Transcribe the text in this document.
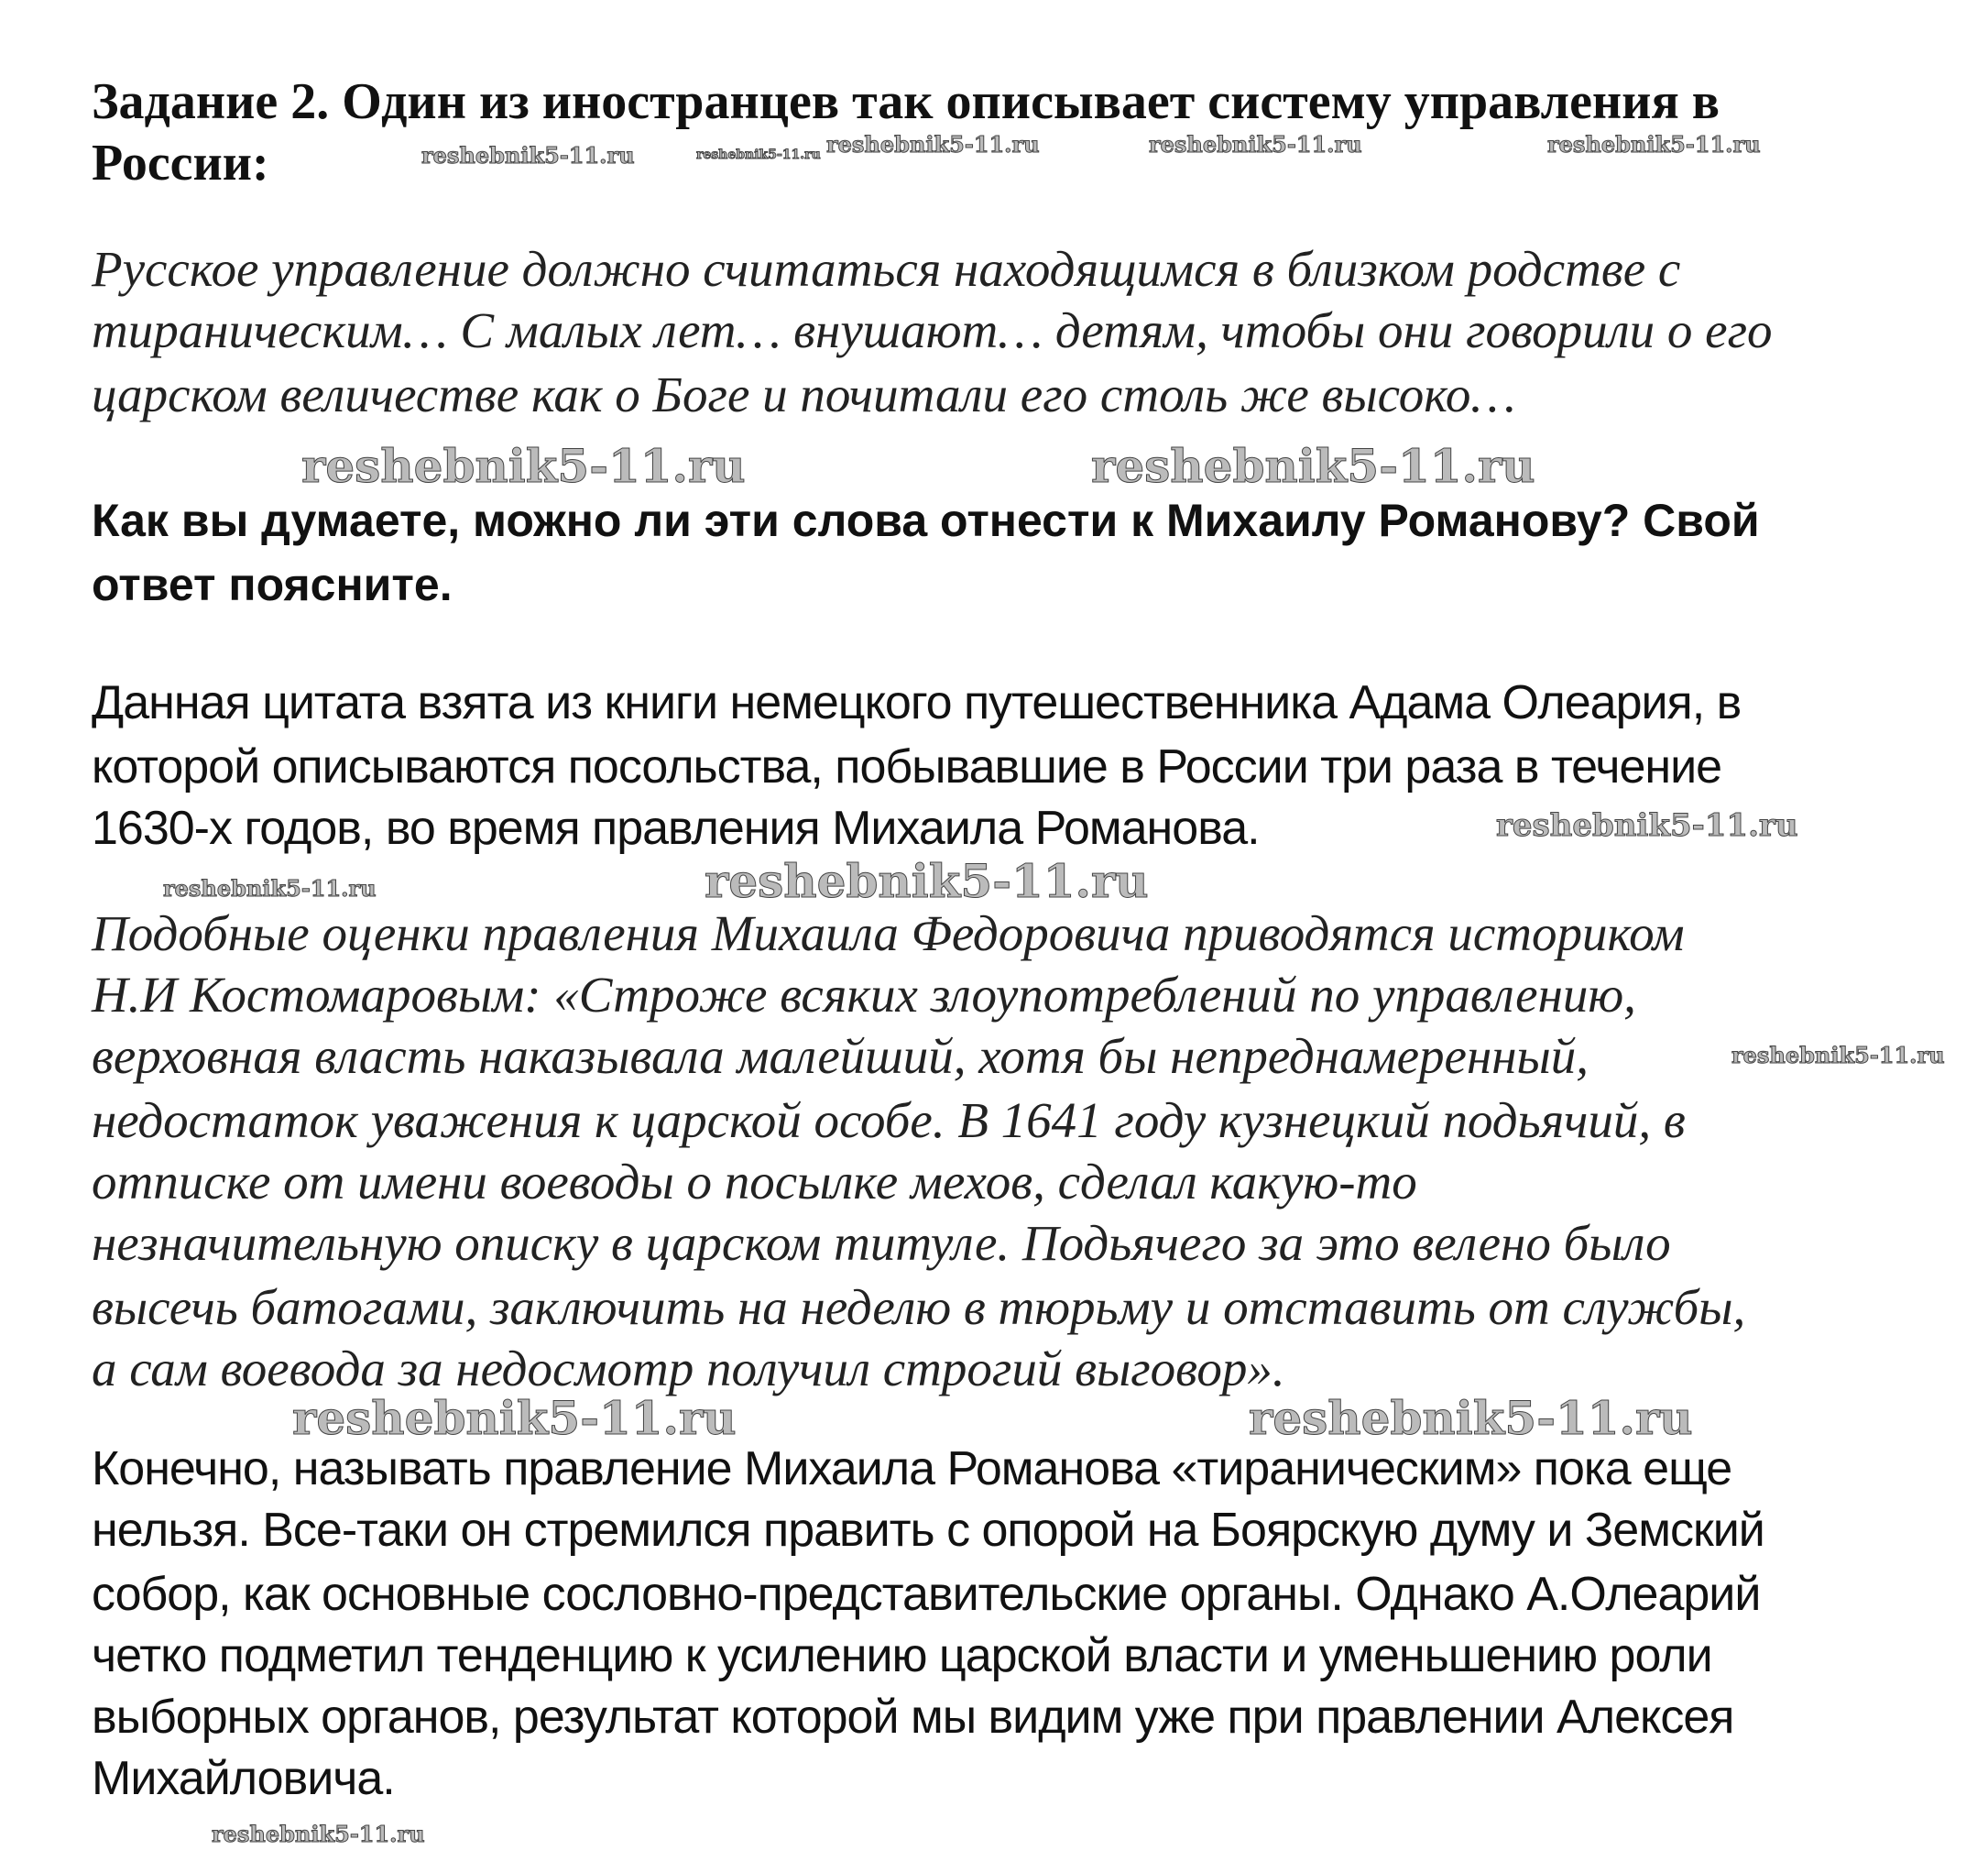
reshebnik5-11.ru	reshebnik5-11.ru reshebnik5-11.ru	reshebnik5-11.ru	reshebnik5-11.ru
reshebnik5-11.ru	reshebnik5-11.ru
reshebnik5-11.ru
reshebnik5-11.ru	reshebnik5-11.ru
reshebnik5-11.ru
reshebnik5-11.ru
reshebnik5-11.ru	reshebnik5-11.ru
Задание 2. Один из иностранцев так описывает систему управления в
России:
Русское управление должно считаться находящимся в близком родстве с
тираническим… С малых лет… внушают… детям, чтобы они говорили о его
царском величестве как о Боге и почитали его столь же высоко…
Как вы думаете, можно ли эти слова отнести к Михаилу Романову? Свой
ответ поясните.
Данная цитата взята из книги немецкого путешественника Адама Олеария, в
которой описываются посольства, побывавшие в России три раза в течение
1630-х годов, во время правления Михаила Романова.
Подобные оценки правления Михаила Федоровича приводятся историком
Н.И Костомаровым: «Строже всяких злоупотреблений по управлению,
верховная власть наказывала малейший, хотя бы непреднамеренный,
недостаток уважения к царской особе. В 1641 году кузнецкий подьячий, в
отписке от имени воеводы о посылке мехов, сделал какую-то
незначительную описку в царском титуле. Подьячего за это велено было
высечь батогами, заключить на неделю в тюрьму и отставить от службы,
а сам воевода за недосмотр получил строгий выговор».
Конечно, называть правление Михаила Романова «тираническим» пока еще
нельзя. Все-таки он стремился править с опорой на Боярскую думу и Земский
собор, как основные сословно-представительские органы. Однако А.Олеарий
четко подметил тенденцию к усилению царской власти и уменьшению роли
выборных органов, результат которой мы видим уже при правлении Алексея
Михайловича.
